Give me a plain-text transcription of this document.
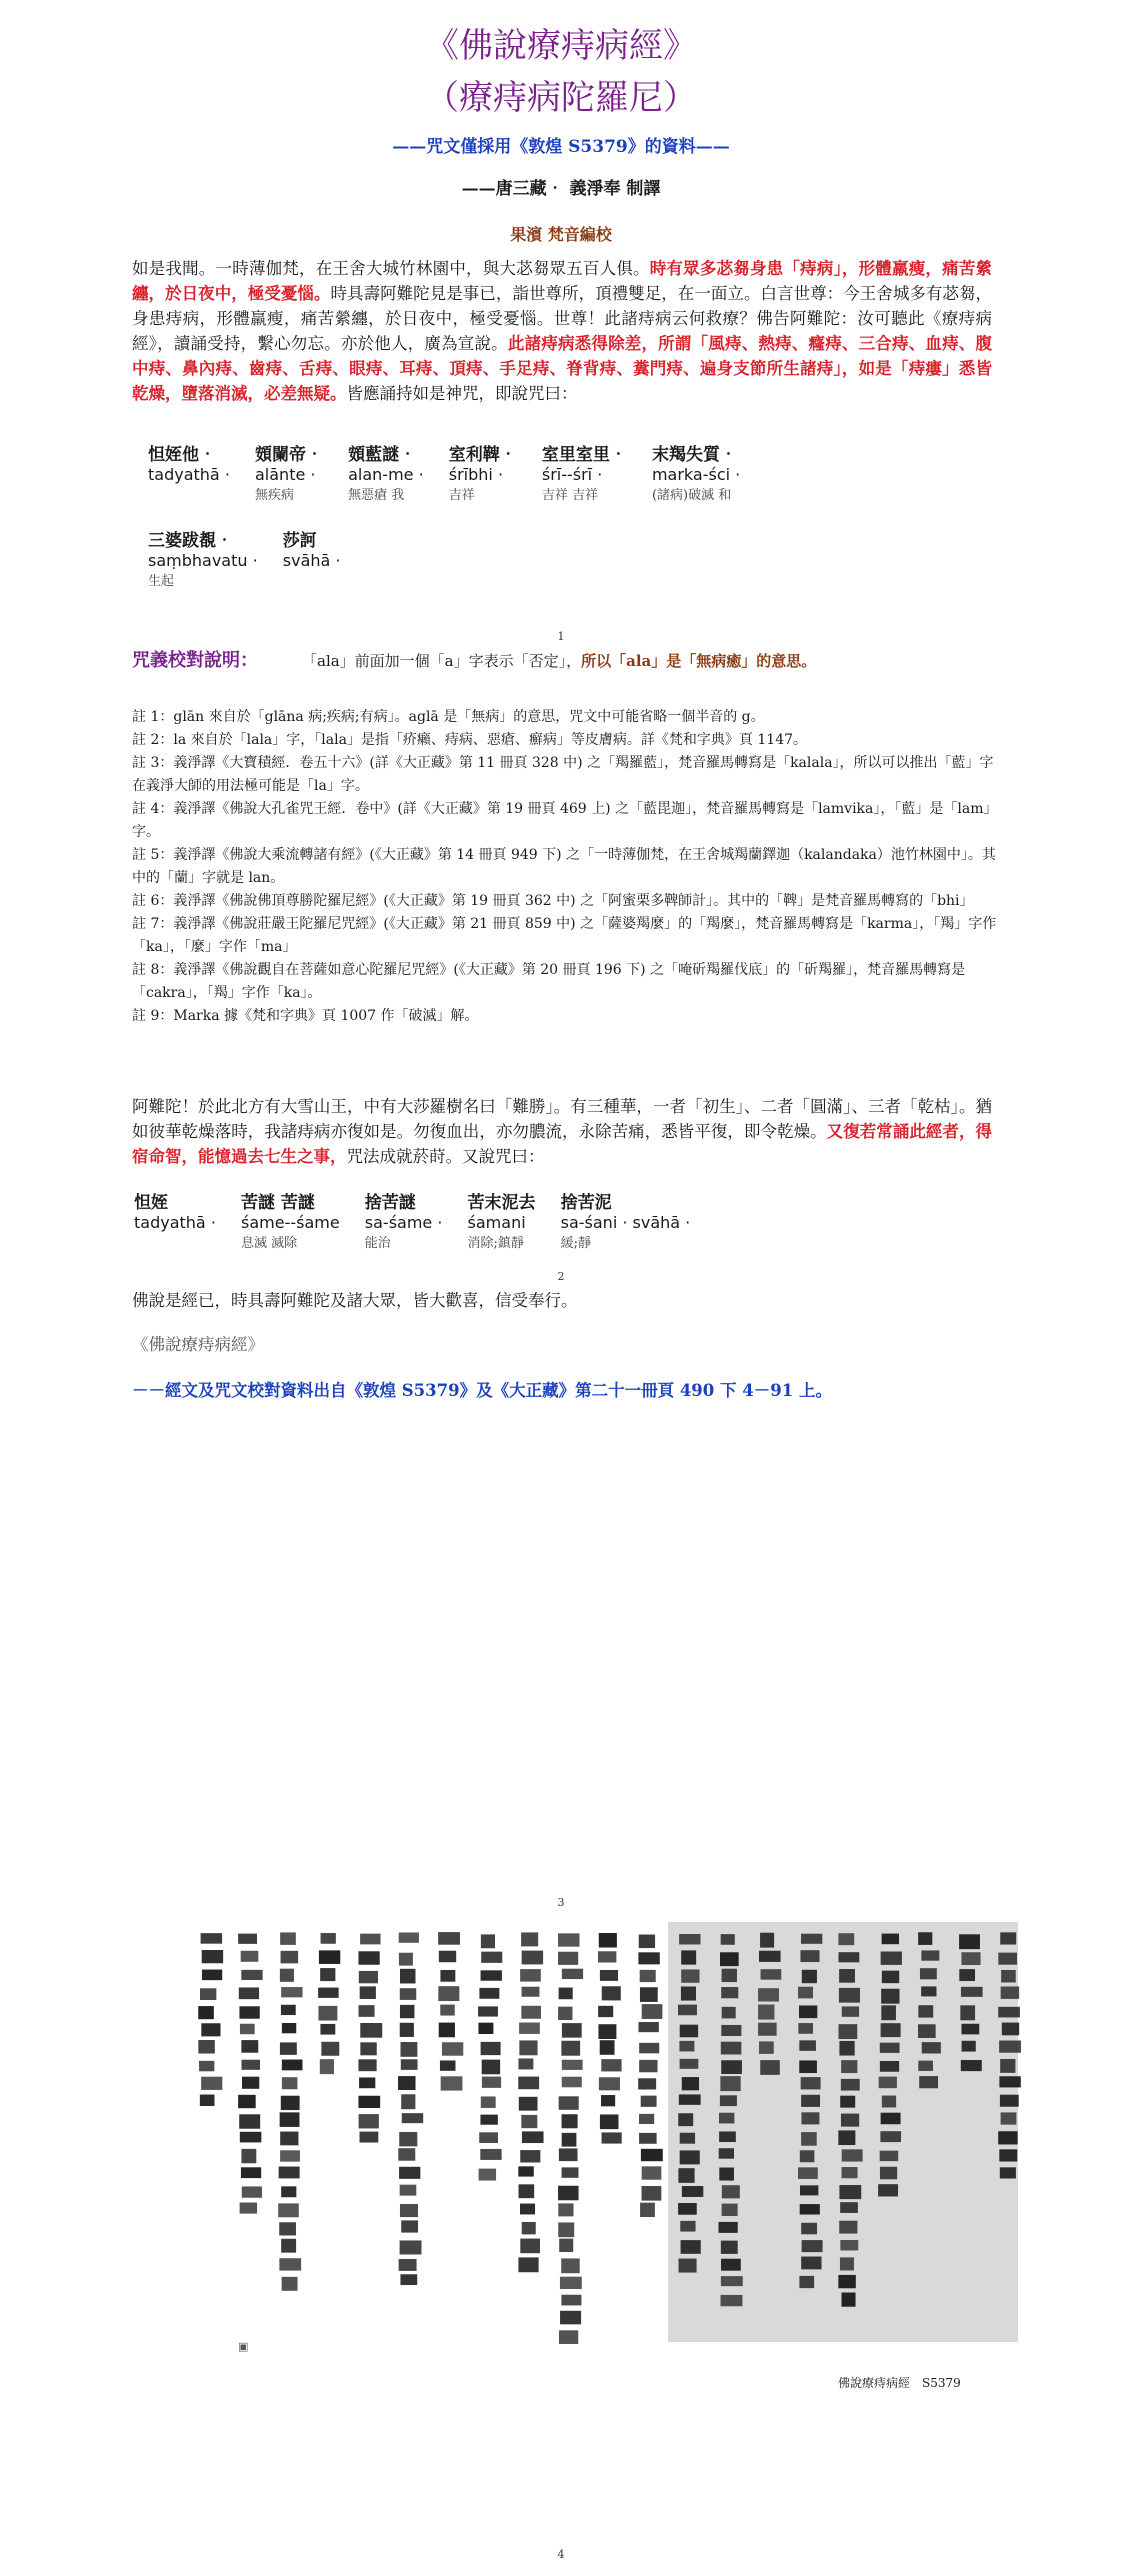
《佛說療痔病經》
（療痔病陀羅尼）
——咒文僅採用《敦煌 S5379》的資料——
——唐三藏‧ 義淨奉 制譯
果濱 梵音編校
如是我聞。一時薄伽梵，在王舍大城竹林園中，與大苾芻眾五百人俱。時有眾多苾芻身患「痔病」，形體羸瘦，痛苦縈纏，於日夜中，極受憂惱。時具壽阿難陀見是事已，詣世尊所，頂禮雙足，在一面立。白言世尊：今王舍城多有苾芻，身患痔病，形體羸瘦，痛苦縈纏，於日夜中，極受憂惱。世尊！此諸痔病云何救療？佛告阿難陀：汝可聽此《療痔病經》，讀誦受持，繫心勿忘。亦於他人，廣為宣說。此諸痔病悉得除差，所謂「風痔、熱痔、癃痔、三合痔、血痔、腹中痔、鼻內痔、齒痔、舌痔、眼痔、耳痔、頂痔、手足痔、脊背痔、糞門痔、遍身支節所生諸痔」，如是「痔瘻」悉皆乾燥，墮落消滅，必差無疑。皆應誦持如是神咒，即說咒曰：
怛姪他‧
tadyathā ·

頞闌帝‧
alānte ·
無疾病

頞藍謎‧
alan-me ·
無惡瘡 我

室利鞞‧
śrībhi ·
吉祥

室里室里‧
śrī--śrī ·
吉祥 吉祥

末羯失質‧
marka-ści ·
(諸病)破滅 和
三婆跋覩‧
saṃbhavatu ·
生起

莎訶
svāhā ·
1
咒義校對說明：	「ala」前面加一個「a」字表示「否定」，所以「ala」是「無病癒」的意思。
註 1：glān 來自於「glāna 病;疾病;有病」。aglā 是「無病」的意思，咒文中可能省略一個半音的 g。
註 2：la 來自於「lala」字，「lala」是指「疥癩、痔病、惡瘡、癬病」等皮膚病。詳《梵和字典》頁 1147。
註 3：義淨譯《大寶積經．卷五十六》(詳《大正藏》第 11 冊頁 328 中) 之「羯羅藍」，梵音羅馬轉寫是「kalala」，所以可以推出「藍」字在義淨大師的用法極可能是「la」字。
註 4：義淨譯《佛說大孔雀咒王經．卷中》(詳《大正藏》第 19 冊頁 469 上) 之「藍毘迦」，梵音羅馬轉寫是「lamvika」，「藍」是「lam」字。
註 5：義淨譯《佛說大乘流轉諸有經》(《大正藏》第 14 冊頁 949 下) 之「一時薄伽梵，在王舍城羯蘭鐸迦（kalandaka）池竹林園中」。其中的「蘭」字就是 lan。
註 6：義淨譯《佛說佛頂尊勝陀羅尼經》(《大正藏》第 19 冊頁 362 中) 之「阿蜜栗多鞞師計」。其中的「鞞」是梵音羅馬轉寫的「bhi」
註 7：義淨譯《佛說莊嚴王陀羅尼咒經》(《大正藏》第 21 冊頁 859 中) 之「薩婆羯麼」的「羯麼」，梵音羅馬轉寫是「karma」，「羯」字作「ka」，「麼」字作「ma」
註 8：義淨譯《佛說觀自在菩薩如意心陀羅尼咒經》(《大正藏》第 20 冊頁 196 下) 之「唵斫羯羅伐底」的「斫羯羅」，梵音羅馬轉寫是「cakra」，「羯」字作「ka」。
註 9：Marka 據《梵和字典》頁 1007 作「破滅」解。
阿難陀！於此北方有大雪山王，中有大莎羅樹名曰「難勝」。有三種華，一者「初生」、二者「圓滿」、三者「乾枯」。猶如彼華乾燥落時，我諸痔病亦復如是。勿復血出，亦勿膿流，永除苦痛，悉皆平復，即令乾燥。又復若常誦此經者，得宿命智，能憶過去七生之事，咒法成就菸莳。又說咒曰：
怛姪
tadyathā ·

苦謎 苦謎
śame--śame
息滅 滅除

捨苦謎
sa-śame ·
能治

苦末泥去
śamani
消除;鎮靜

捨苦泥
sa-śani · svāhā ·
緩;靜
2
佛說是經已，時具壽阿難陀及諸大眾，皆大歡喜，信受奉行。
《佛說療痔病經》
－－經文及咒文校對資料出自《敦煌 S5379》及《大正藏》第二十一冊頁 490 下 4－91 上。
3
▣
佛說療痔病經　S5379
4
